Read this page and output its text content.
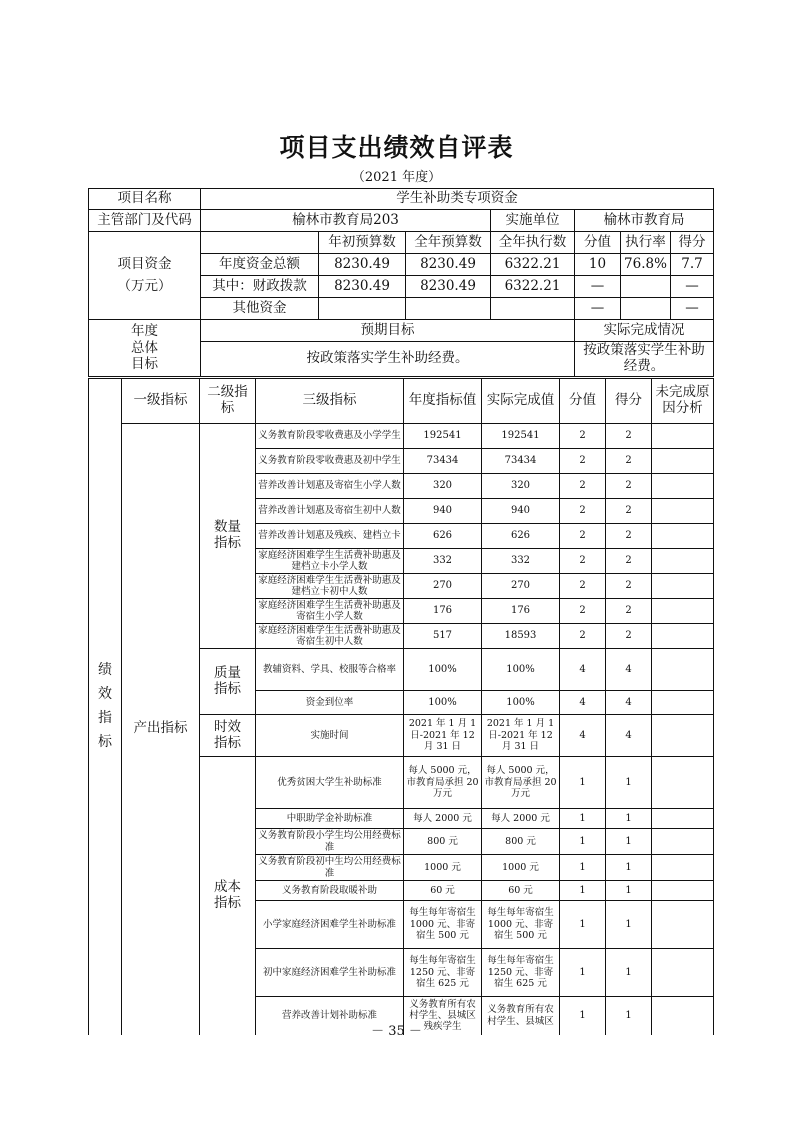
项目支出绩效自评表
（2021 年度）
项目名称	学生补助类专项资金						
主管部门及代码	榆林市教育局203			实施单位	榆林市教育局		
项目资金
（万元）		年初预算数	全年预算数	全年执行数	分值	执行率	得分
	年度资金总额	8230.49	8230.49	6322.21	10	76.8%	7.7
	其中：财政拨款	8230.49	8230.49	6322.21	—		—
	其他资金				—		—
年度
总体
目标	预期目标				实际完成情况		
	按政策落实学生补助经费。				按政策落实学生补助经费。		
绩效指标	一级指标	二级指标	三级指标	年度指标值	实际完成值	分值	得分	未完成原因分析
	产出指标	数量指标	义务教育阶段零收费惠及小学学生	192541	192541	2	2	
			义务教育阶段零收费惠及初中学生	73434	73434	2	2	
			营养改善计划惠及寄宿生小学人数	320	320	2	2	
			营养改善计划惠及寄宿生初中人数	940	940	2	2	
			营养改善计划惠及残疾、建档立卡	626	626	2	2	
			家庭经济困难学生生活费补助惠及建档立卡小学人数	332	332	2	2	
			家庭经济困难学生生活费补助惠及建档立卡初中人数	270	270	2	2	
			家庭经济困难学生生活费补助惠及寄宿生小学人数	176	176	2	2	
			家庭经济困难学生生活费补助惠及寄宿生初中人数	517	18593	2	2	

		质量指标	教辅资料、学具、校服等合格率	100%	100%	4	4	
			资金到位率	100%	100%	4	4	

		时效指标	实施时间	2021 年 1 月 1 日-2021 年 12 月 31 日	2021 年 1 月 1 日-2021 年 12 月 31 日	4	4	

		成本指标	优秀贫困大学生补助标准	每人 5000 元，市教育局承担 20 万元	每人 5000 元，市教育局承担 20 万元	1	1	
			中职助学金补助标准	每人 2000 元	每人 2000 元	1	1	
			义务教育阶段小学生均公用经费标准	800 元	800 元	1	1	
			义务教育阶段初中生均公用经费标准	1000 元	1000 元	1	1	
			义务教育阶段取暖补助	60 元	60 元	1	1	
			小学家庭经济困难学生补助标准	每生每年寄宿生 1000 元、非寄宿生 500 元	每生每年寄宿生 1000 元、非寄宿生 500 元	1	1	
			初中家庭经济困难学生补助标准	每生每年寄宿生 1250 元、非寄宿生 625 元	每生每年寄宿生 1250 元、非寄宿生 625 元	1	1	
			营养改善计划补助标准	义务教育所有农村学生、县城区残疾学生	义务教育所有农村学生、县城区	1	1	
－ 35 －
